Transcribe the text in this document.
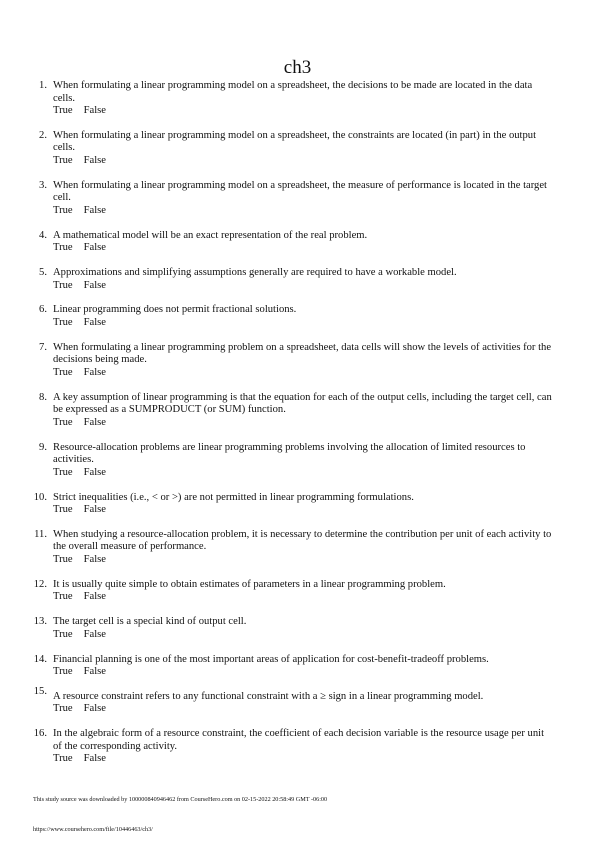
ch3
1. When formulating a linear programming model on a spreadsheet, the decisions to be made are located in the data cells.
True False
2. When formulating a linear programming model on a spreadsheet, the constraints are located (in part) in the output cells.
True False
3. When formulating a linear programming model on a spreadsheet, the measure of performance is located in the target cell.
True False
4. A mathematical model will be an exact representation of the real problem.
True False
5. Approximations and simplifying assumptions generally are required to have a workable model.
True False
6. Linear programming does not permit fractional solutions.
True False
7. When formulating a linear programming problem on a spreadsheet, data cells will show the levels of activities for the decisions being made.
True False
8. A key assumption of linear programming is that the equation for each of the output cells, including the target cell, can be expressed as a SUMPRODUCT (or SUM) function.
True False
9. Resource-allocation problems are linear programming problems involving the allocation of limited resources to activities.
True False
10. Strict inequalities (i.e., < or >) are not permitted in linear programming formulations.
True False
11. When studying a resource-allocation problem, it is necessary to determine the contribution per unit of each activity to the overall measure of performance.
True False
12. It is usually quite simple to obtain estimates of parameters in a linear programming problem.
True False
13. The target cell is a special kind of output cell.
True False
14. Financial planning is one of the most important areas of application for cost-benefit-tradeoff problems.
True False
15. A resource constraint refers to any functional constraint with a ≥ sign in a linear programming model.
True False
16. In the algebraic form of a resource constraint, the coefficient of each decision variable is the resource usage per unit of the corresponding activity.
True False
This study source was downloaded by 100000840946462 from CourseHero.com on 02-15-2022 20:58:49 GMT -06:00
https://www.coursehero.com/file/10446463/ch3/
